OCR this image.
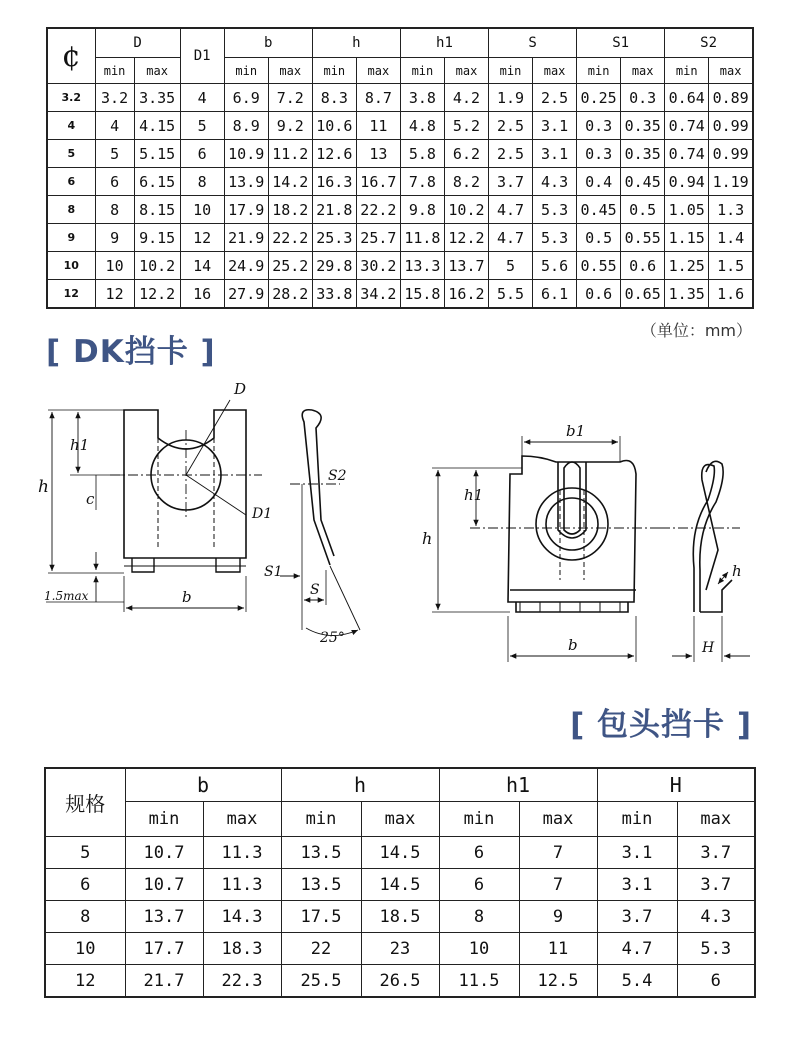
¢	D		D1	b		h		h1		S		S1		S2	
	min	max		min	max	min	max	min	max	min	max	min	max	min	max
3.2	3.2	3.35	4	6.9	7.2	8.3	8.7	3.8	4.2	1.9	2.5	0.25	0.3	0.64	0.89
4	4	4.15	5	8.9	9.2	10.6	11	4.8	5.2	2.5	3.1	0.3	0.35	0.74	0.99
5	5	5.15	6	10.9	11.2	12.6	13	5.8	6.2	2.5	3.1	0.3	0.35	0.74	0.99
6	6	6.15	8	13.9	14.2	16.3	16.7	7.8	8.2	3.7	4.3	0.4	0.45	0.94	1.19
8	8	8.15	10	17.9	18.2	21.8	22.2	9.8	10.2	4.7	5.3	0.45	0.5	1.05	1.3
9	9	9.15	12	21.9	22.2	25.3	25.7	11.8	12.2	4.7	5.3	0.5	0.55	1.15	1.4
10	10	10.2	14	24.9	25.2	29.8	30.2	13.3	13.7	5	5.6	0.55	0.6	1.25	1.5
12	12	12.2	16	27.9	28.2	33.8	34.2	15.8	16.2	5.5	6.1	0.6	0.65	1.35	1.6
（单位：mm）
[ DK挡卡 ]
D
D1
h1
h
c
1.5max	b
S2
S1
S
25°
b1
h1
h
b
h
H
[ 包头挡卡 ]
规格	b		h		h1		H	
	min	max	min	max	min	max	min	max
5	10.7	11.3	13.5	14.5	6	7	3.1	3.7
6	10.7	11.3	13.5	14.5	6	7	3.1	3.7
8	13.7	14.3	17.5	18.5	8	9	3.7	4.3
10	17.7	18.3	22	23	10	11	4.7	5.3
12	21.7	22.3	25.5	26.5	11.5	12.5	5.4	6
